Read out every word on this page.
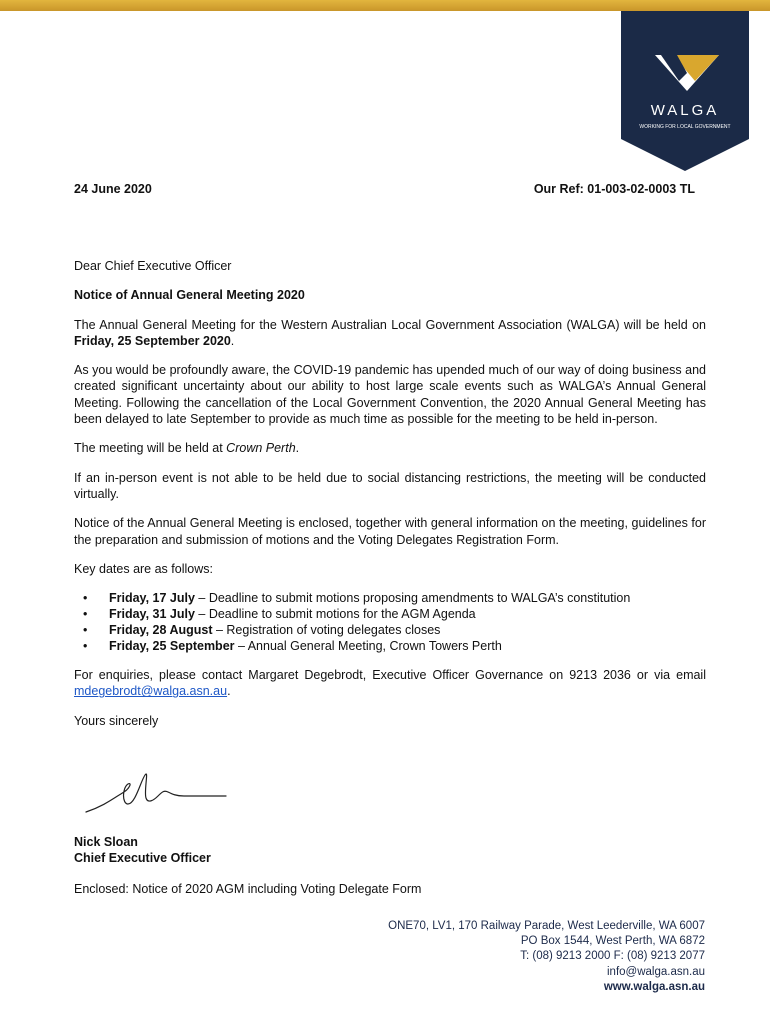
WALGA
WORKING FOR LOCAL GOVERNMENT
24 June 2020	Our Ref: 01-003-02-0003 TL

Dear Chief Executive Officer

Notice of Annual General Meeting 2020

The Annual General Meeting for the Western Australian Local Government Association (WALGA) will be held on Friday, 25 September 2020.

As you would be profoundly aware, the COVID-19 pandemic has upended much of our way of doing business and created significant uncertainty about our ability to host large scale events such as WALGA’s Annual General Meeting. Following the cancellation of the Local Government Convention, the 2020 Annual General Meeting has been delayed to late September to provide as much time as possible for the meeting to be held in-person.

The meeting will be held at Crown Perth.

If an in-person event is not able to be held due to social distancing restrictions, the meeting will be conducted virtually.

Notice of the Annual General Meeting is enclosed, together with general information on the meeting, guidelines for the preparation and submission of motions and the Voting Delegates Registration Form.

Key dates are as follows:

• Friday, 17 July – Deadline to submit motions proposing amendments to WALGA’s constitution
• Friday, 31 July – Deadline to submit motions for the AGM Agenda
• Friday, 28 August – Registration of voting delegates closes
• Friday, 25 September – Annual General Meeting, Crown Towers Perth

For enquiries, please contact Margaret Degebrodt, Executive Officer Governance on 9213 2036 or via email mdegebrodt@walga.asn.au.

Yours sincerely

Nick Sloan
Chief Executive Officer
Enclosed: Notice of 2020 AGM including Voting Delegate Form
ONE70, LV1, 170 Railway Parade, West Leederville, WA 6007
PO Box 1544, West Perth, WA 6872
T: (08) 9213 2000 F: (08) 9213 2077
info@walga.asn.au
www.walga.asn.au
